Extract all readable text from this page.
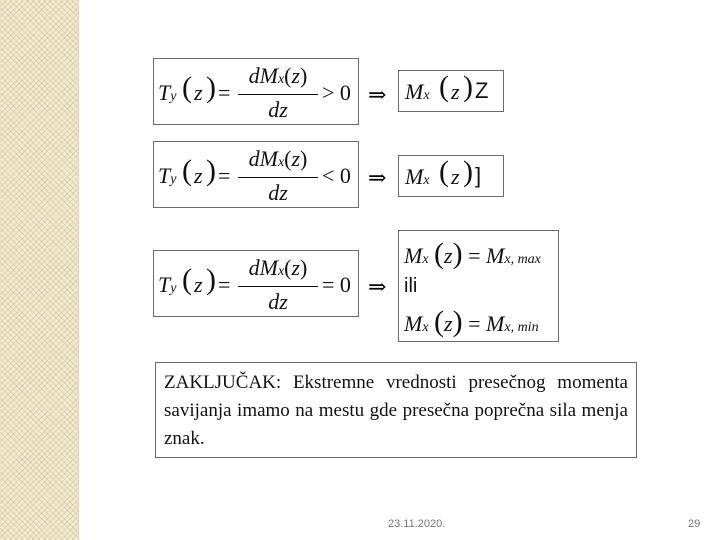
Ty ( z ) =
dMx(z)
dz
> 0 ⇒ Mx ( z ) Z
Ty ( z ) =
dMx(z)
dz
< 0 ⇒ Mx ( z ) ]
Ty ( z ) =
dMx(z)
dz
= 0 ⇒
Mx (z) = Mx, max
ili
Mx (z) = Mx, min
ZAKLJUČAK: Ekstremne vrednosti presečnog momenta savijanja imamo na mestu gde presečna poprečna sila menja znak.
23.11.2020.	29
